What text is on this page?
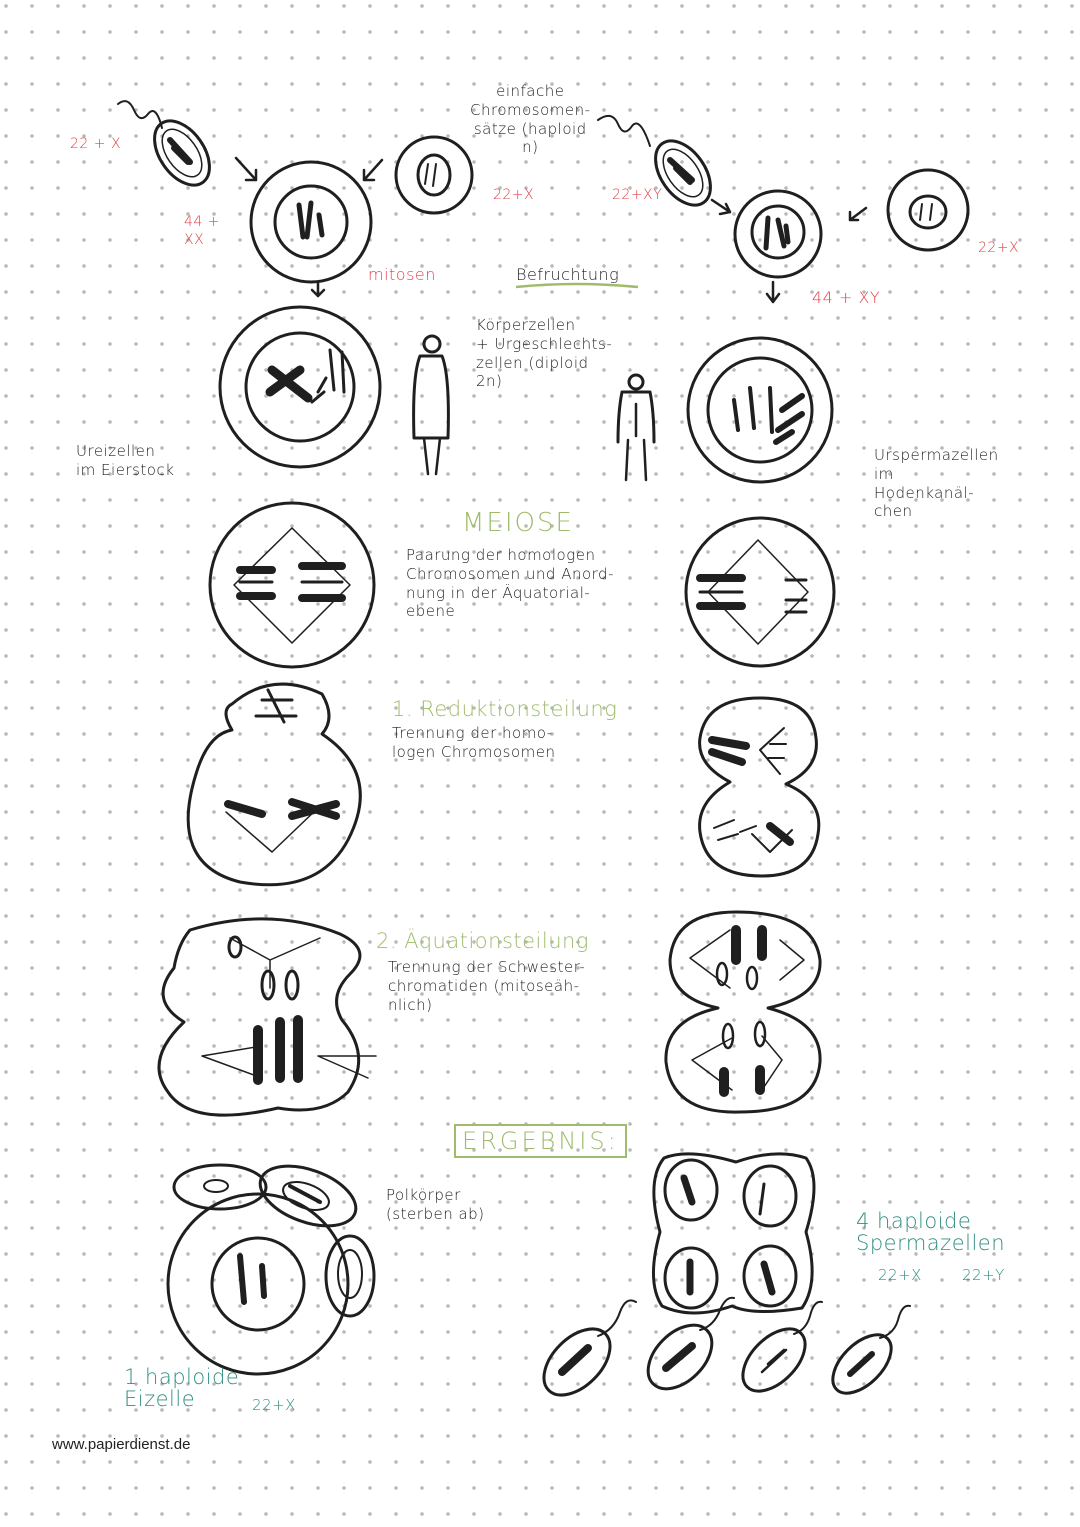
22 + X
44 +
XX
mitosen
einfache
Chromosomen-
sätze (haploid
n)
22+X	22+XY
Befruchtung
22+X
44 + XY
Körperzellen
+ Urgeschlechts-
zellen (diploid
2n)
Ureizellen
im Eierstock
Urspermazellen
im
Hodenkanäl-
chen
MEIOSE
Paarung der homologen
Chromosomen und Anord-
nung in der Äquatorial-
ebene
1. Reduktionsteilung
Trennung der homo-
logen Chromosomen
2. Äquationsteilung
Trennung der Schwester-
chromatiden (mitoseäh-
nlich)
ERGEBNIS:
Polkörper
(sterben ab)	4 haploide
Spermazellen
22+X	22+Y
1 haploide
Eizelle	22+X
www.papierdienst.de
